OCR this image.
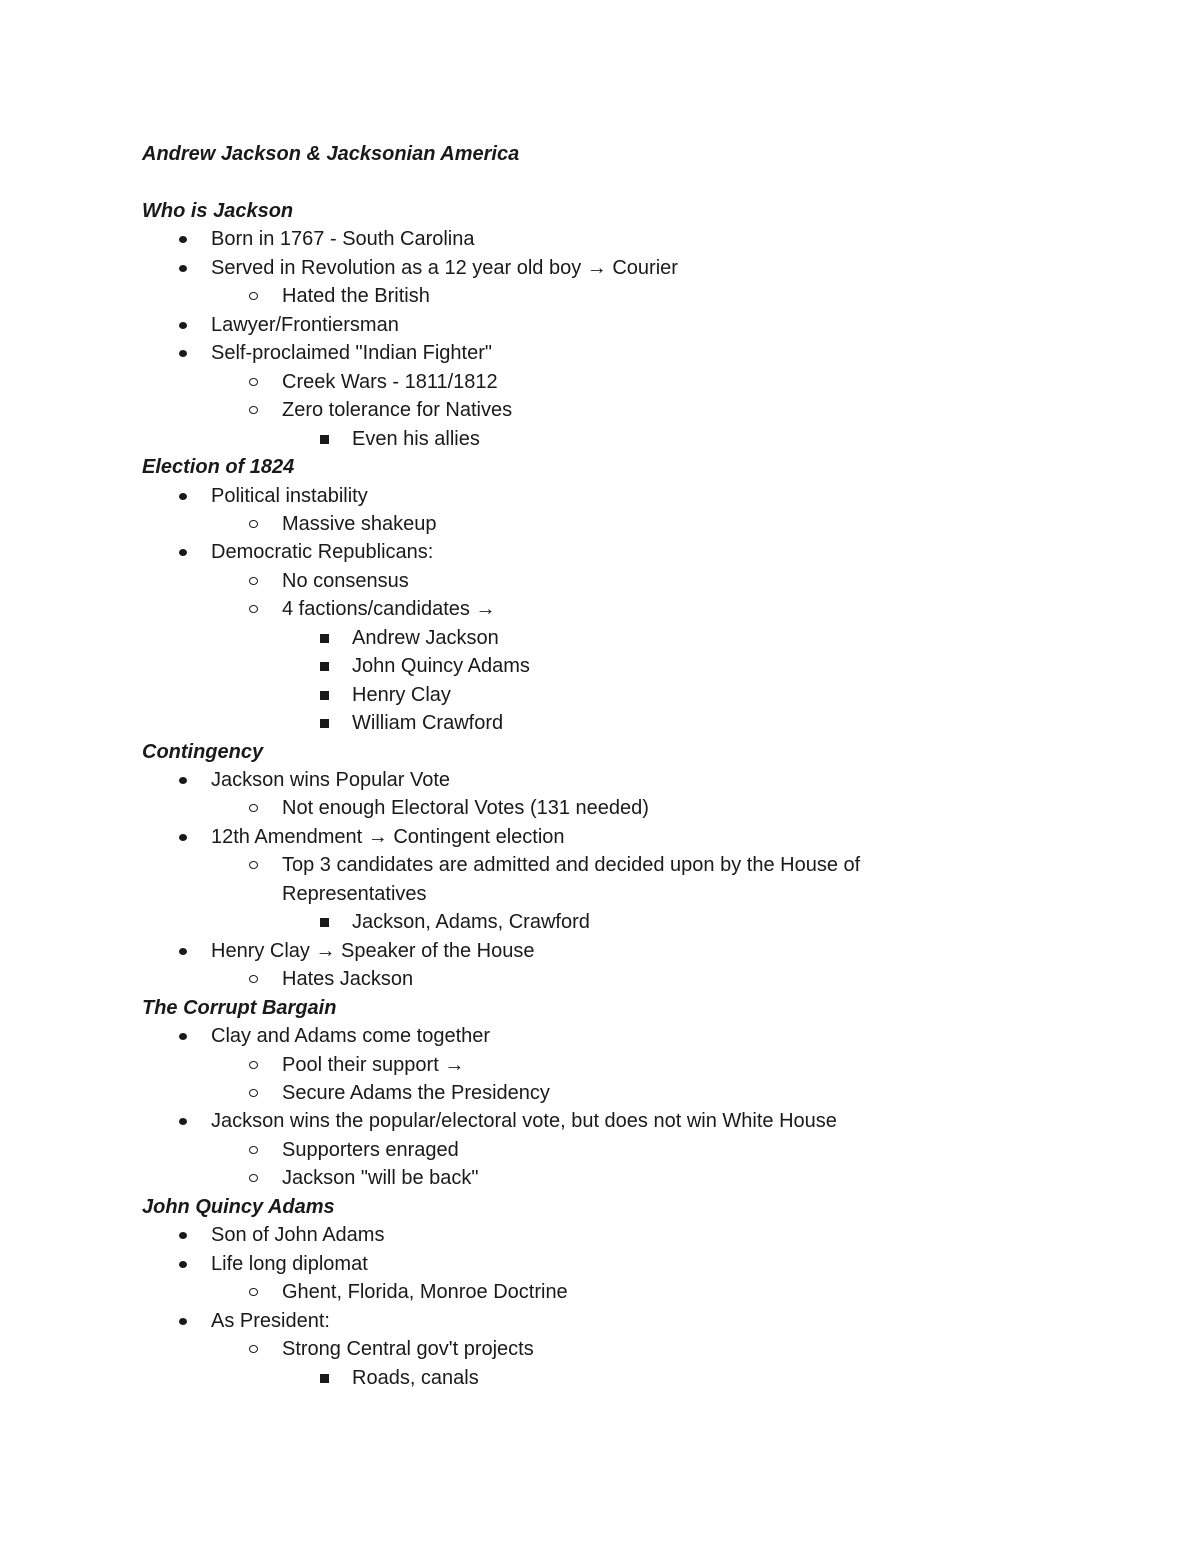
Andrew Jackson & Jacksonian America
Who is Jackson
Born in 1767 - South Carolina
Served in Revolution as a 12 year old boy → Courier
Hated the British
Lawyer/Frontiersman
Self-proclaimed "Indian Fighter"
Creek Wars - 1811/1812
Zero tolerance for Natives
Even his allies
Election of 1824
Political instability
Massive shakeup
Democratic Republicans:
No consensus
4 factions/candidates →
Andrew Jackson
John Quincy Adams
Henry Clay
William Crawford
Contingency
Jackson wins Popular Vote
Not enough Electoral Votes (131 needed)
12th Amendment → Contingent election
Top 3 candidates are admitted and decided upon by the House of Representatives
Jackson, Adams, Crawford
Henry Clay → Speaker of the House
Hates Jackson
The Corrupt Bargain
Clay and Adams come together
Pool their support →
Secure Adams the Presidency
Jackson wins the popular/electoral vote, but does not win White House
Supporters enraged
Jackson "will be back"
John Quincy Adams
Son of John Adams
Life long diplomat
Ghent, Florida, Monroe Doctrine
As President:
Strong Central gov't projects
Roads, canals
